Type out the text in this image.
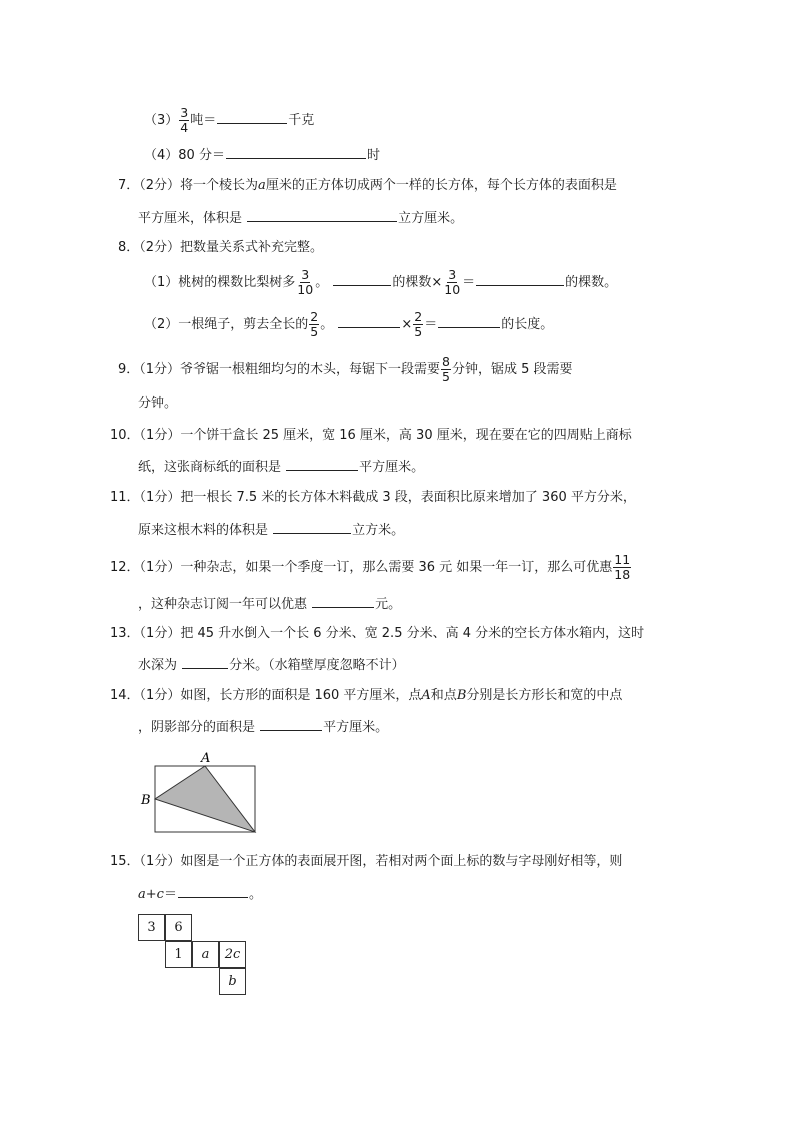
$(3) \frac{3}{4}$ 吨＝	千克
（4）80 分＝	时
7．（2分）将一个棱长为a厘米的正方体切成两个一样的长方体，每个长方体的表面积是
平方厘米，体积是	立方厘米。
8．（2分）把数量关系式补充完整。
（1）桃树的棵数比梨树多 $\frac{3}{10}$ 。	的棵数× $\frac{3}{10}$ ＝	的棵数。
（2）一根绳子，剪去全长的 $\frac{2}{5}$ 。	× $\frac{2}{5}$ ＝	的长度。
9．（1分）爷爷锯一根粗细均匀的木头，每锯下一段需要 $\frac{8}{5}$ 分钟，锯成 5 段需要
分钟。
10．（1分）一个饼干盒长 25 厘米，宽 16 厘米，高 30 厘米，现在要在它的四周贴上商标
纸，这张商标纸的面积是	平方厘米。
11．（1分）把一根长 7.5 米的长方体木料截成 3 段，表面积比原来增加了 360 平方分米，
原来这根木料的体积是	立方米。
12．（1分）一种杂志，如果一个季度一订，那么需要 36 元 如果一年一订，那么可优惠 $\frac{11}{18}$
，这种杂志订阅一年可以优惠	元。
13．（1分）把 45 升水倒入一个长 6 分米、宽 2.5 分米、高 4 分米的空长方体水箱内，这时
水深为	分米。（水箱壁厚度忽略不计）
14．（1分）如图，长方形的面积是 160 平方厘米，点A和点B分别是长方形长和宽的中点
，阴影部分的面积是	平方厘米。
A
B
15．（1分）如图是一个正方体的表面展开图，若相对两个面上标的数与字母刚好相等，则
a+c＝	。
3	6
1	a	2c
b
